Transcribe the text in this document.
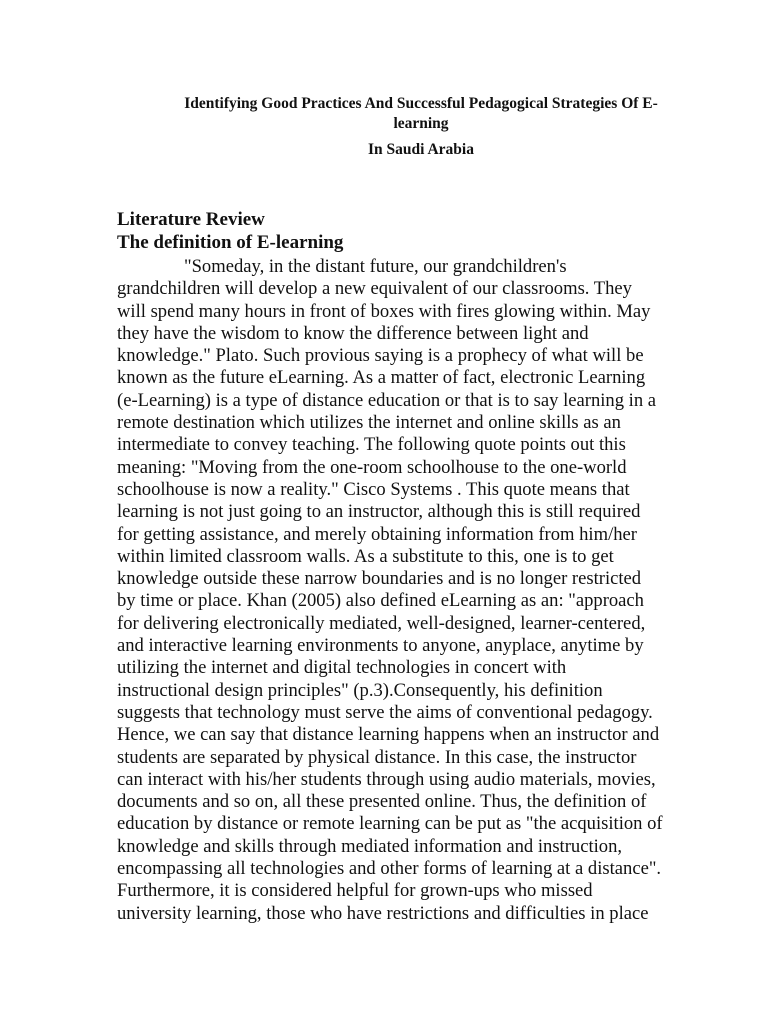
Identifying Good Practices And Successful Pedagogical Strategies Of E-
learning
In Saudi Arabia
Literature Review
The definition of E-learning
"Someday, in the distant future, our grandchildren's
grandchildren will develop a new equivalent of our classrooms. They
will spend many hours in front of boxes with fires glowing within. May
they have the wisdom to know the difference between light and
knowledge." Plato. Such provious saying is a prophecy of what will be
known as the future eLearning. As a matter of fact, electronic Learning
(e-Learning) is a type of distance education or that is to say learning in a
remote destination which utilizes the internet and online skills as an
intermediate to convey teaching. The following quote points out this
meaning: "Moving from the one-room schoolhouse to the one-world
schoolhouse is now a reality." Cisco Systems . This quote means that
learning is not just going to an instructor, although this is still required
for getting assistance, and merely obtaining information from him/her
within limited classroom walls. As a substitute to this, one is to get
knowledge outside these narrow boundaries and is no longer restricted
by time or place. Khan (2005) also defined eLearning as an: "approach
for delivering electronically mediated, well-designed, learner-centered,
and interactive learning environments to anyone, anyplace, anytime by
utilizing the internet and digital technologies in concert with
instructional design principles" (p.3).Consequently, his definition
suggests that technology must serve the aims of conventional pedagogy.
Hence, we can say that distance learning happens when an instructor and
students are separated by physical distance. In this case, the instructor
can interact with his/her students through using audio materials, movies,
documents and so on, all these presented online. Thus, the definition of
education by distance or remote learning can be put as "the acquisition of
knowledge and skills through mediated information and instruction,
encompassing all technologies and other forms of learning at a distance".
Furthermore, it is considered helpful for grown-ups who missed
university learning, those who have restrictions and difficulties in place
